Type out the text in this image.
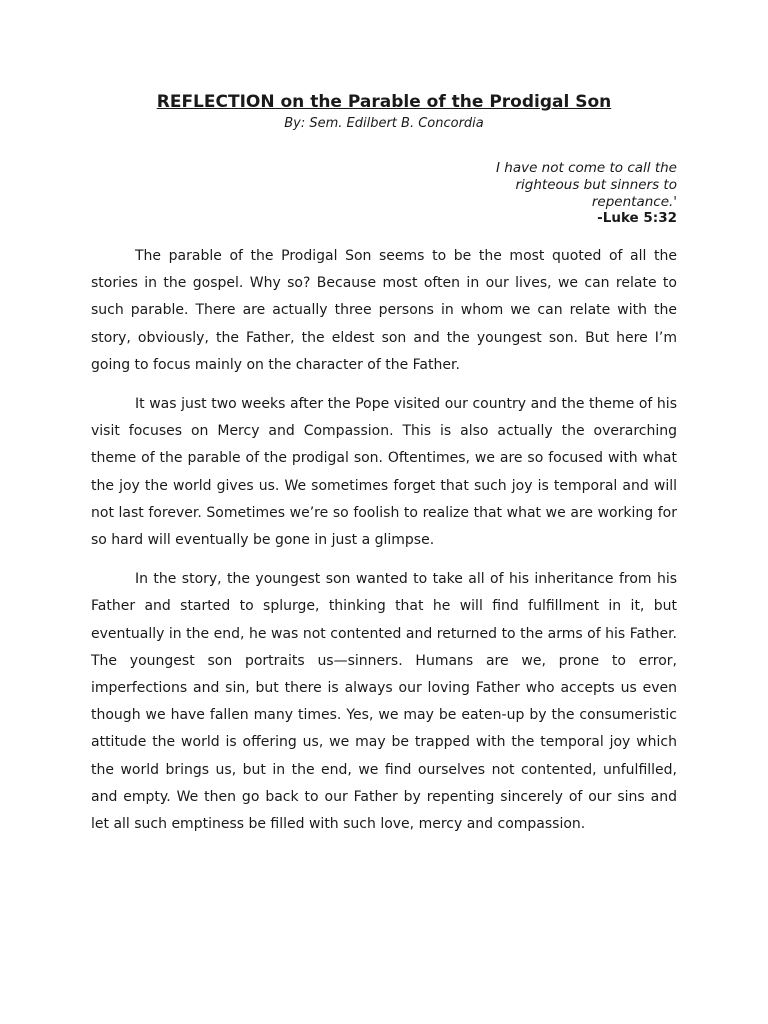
REFLECTION on the Parable of the Prodigal Son
By: Sem. Edilbert B. Concordia
I have not come to call the righteous but sinners to repentance.'
-Luke 5:32

The parable of the Prodigal Son seems to be the most quoted of all the stories in the gospel. Why so? Because most often in our lives, we can relate to such parable. There are actually three persons in whom we can relate with the story, obviously, the Father, the eldest son and the youngest son. But here I’m going to focus mainly on the character of the Father.

It was just two weeks after the Pope visited our country and the theme of his visit focuses on Mercy and Compassion. This is also actually the overarching theme of the parable of the prodigal son. Oftentimes, we are so focused with what the joy the world gives us. We sometimes forget that such joy is temporal and will not last forever. Sometimes we’re so foolish to realize that what we are working for so hard will eventually be gone in just a glimpse.

In the story, the youngest son wanted to take all of his inheritance from his Father and started to splurge, thinking that he will find fulfillment in it, but eventually in the end, he was not contented and returned to the arms of his Father. The youngest son portraits us—sinners. Humans are we, prone to error, imperfections and sin, but there is always our loving Father who accepts us even though we have fallen many times. Yes, we may be eaten-up by the consumeristic attitude the world is offering us, we may be trapped with the temporal joy which the world brings us, but in the end, we find ourselves not contented, unfulfilled, and empty. We then go back to our Father by repenting sincerely of our sins and let all such emptiness be filled with such love, mercy and compassion.
